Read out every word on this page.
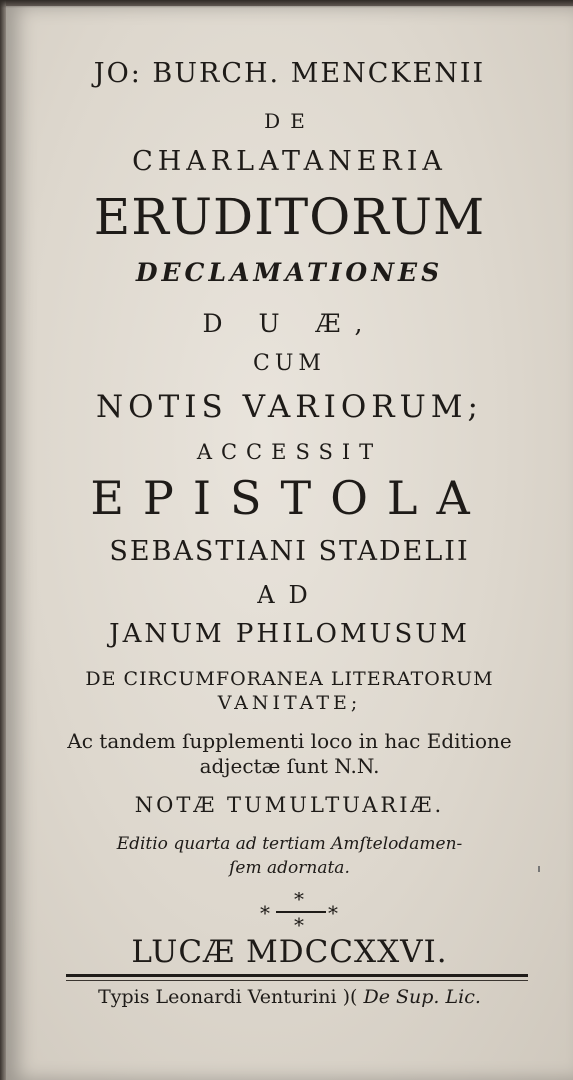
JO: BURCH. MENCKENII
DE
CHARLATANERIA
ERUDITORUM
DECLAMATIONES
D U Æ,
CUM
NOTIS VARIORUM;
ACCESSIT
EPISTOLA
SEBASTIANI STADELII
AD
JANUM PHILOMUSUM
DE CIRCUMFORANEA LITERATORUM
VANITATE;
Ac tandem ſupplementi loco in hac Editione
adjectæ ſunt N.N.
NOTÆ TUMULTUARIÆ.
Editio quarta ad tertiam Amſtelodamen-
ſem adornata.
*
*	*
*
LUCÆ MDCCXXVI.
Typis Leonardi Venturini )( De Sup. Lic.
